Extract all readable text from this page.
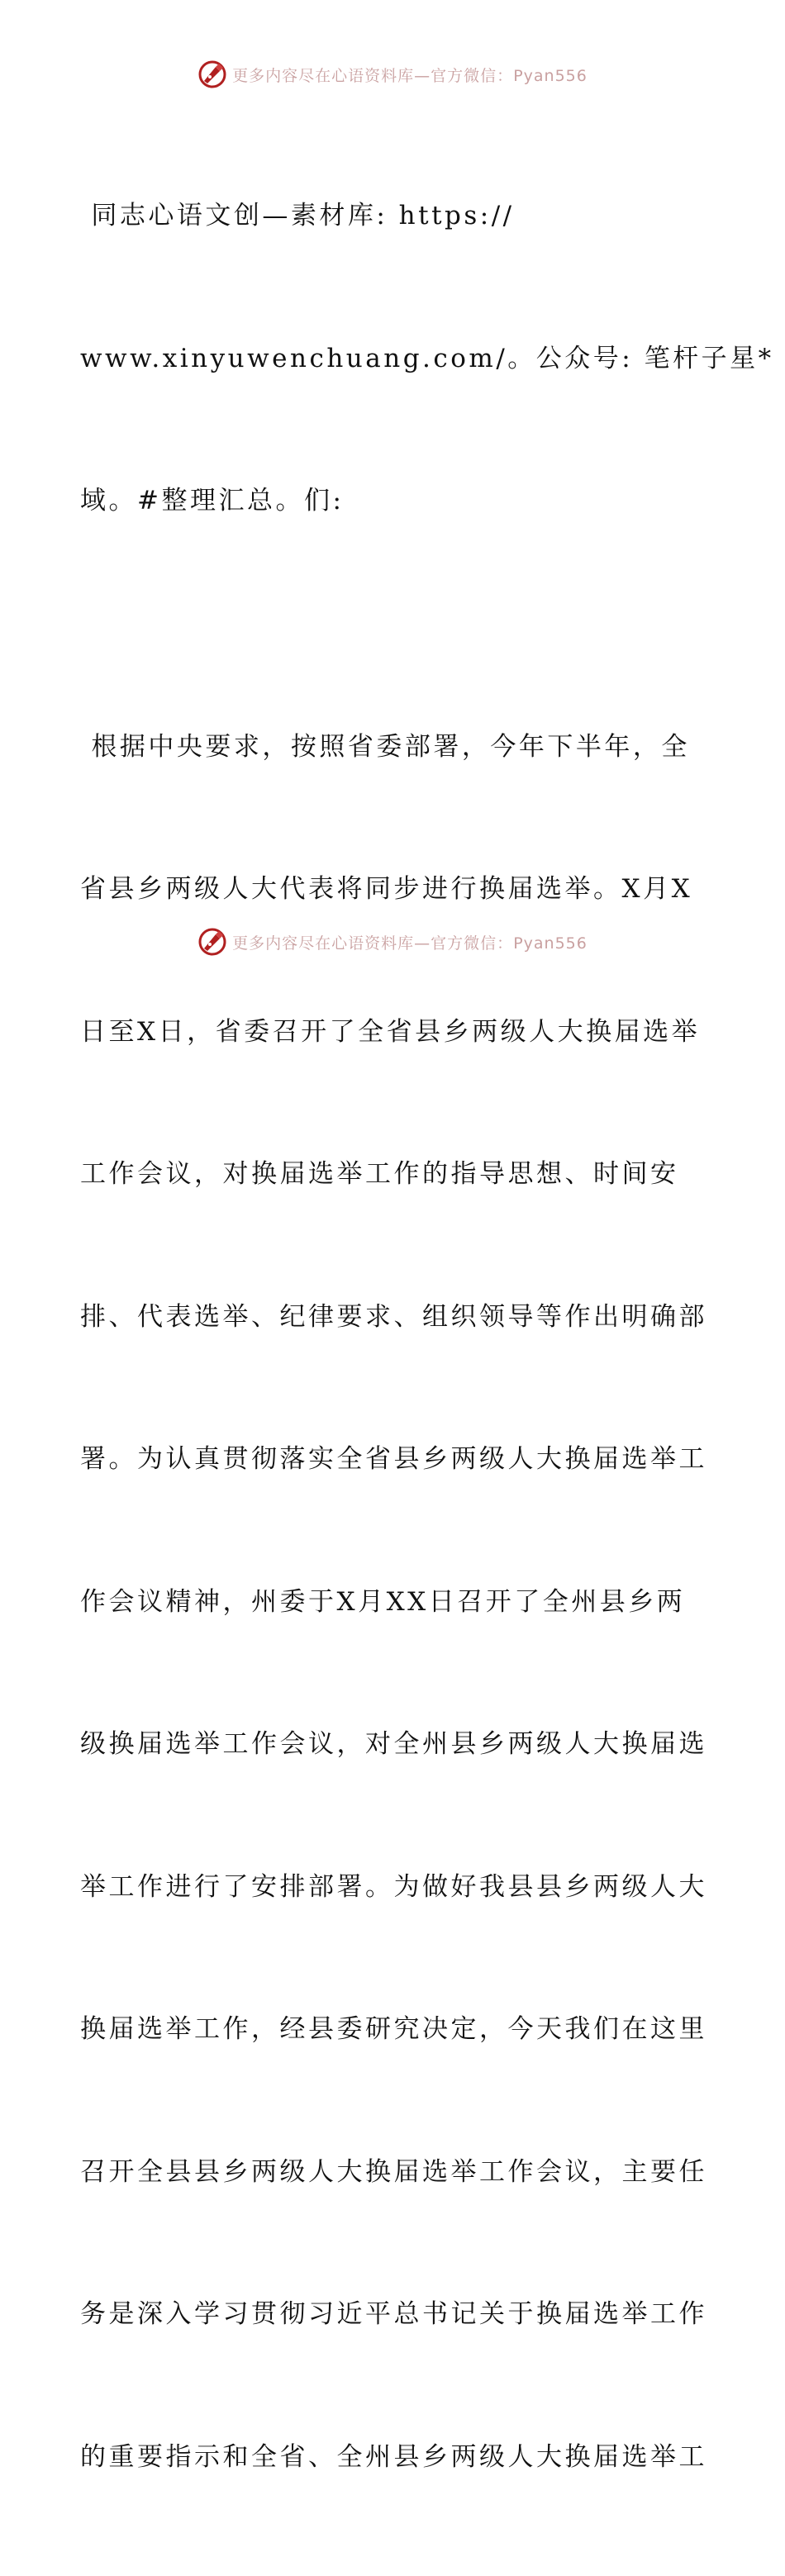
更多内容尽在心语资料库—官方微信：Pyan556

同志心语文创—素材库: https://

www.xinyuwenchuang.com/。公众号: 笔杆子星*

域。#整理汇总。们:

根据中央要求，按照省委部署，今年下半年，全

省县乡两级人大代表将同步进行换届选举。X月X

日至X日，省委召开了全省县乡两级人大换届选举

工作会议，对换届选举工作的指导思想、时间安

排、代表选举、纪律要求、组织领导等作出明确部

署。为认真贯彻落实全省县乡两级人大换届选举工

作会议精神，州委于X月XX日召开了全州县乡两

级换届选举工作会议，对全州县乡两级人大换届选

举工作进行了安排部署。为做好我县县乡两级人大

换届选举工作，经县委研究决定，今天我们在这里

召开全县县乡两级人大换届选举工作会议，主要任

务是深入学习贯彻习近平总书记关于换届选举工作

的重要指示和全省、全州县乡两级人大换届选举工

更多内容尽在心语资料库—官方微信：Pyan556
